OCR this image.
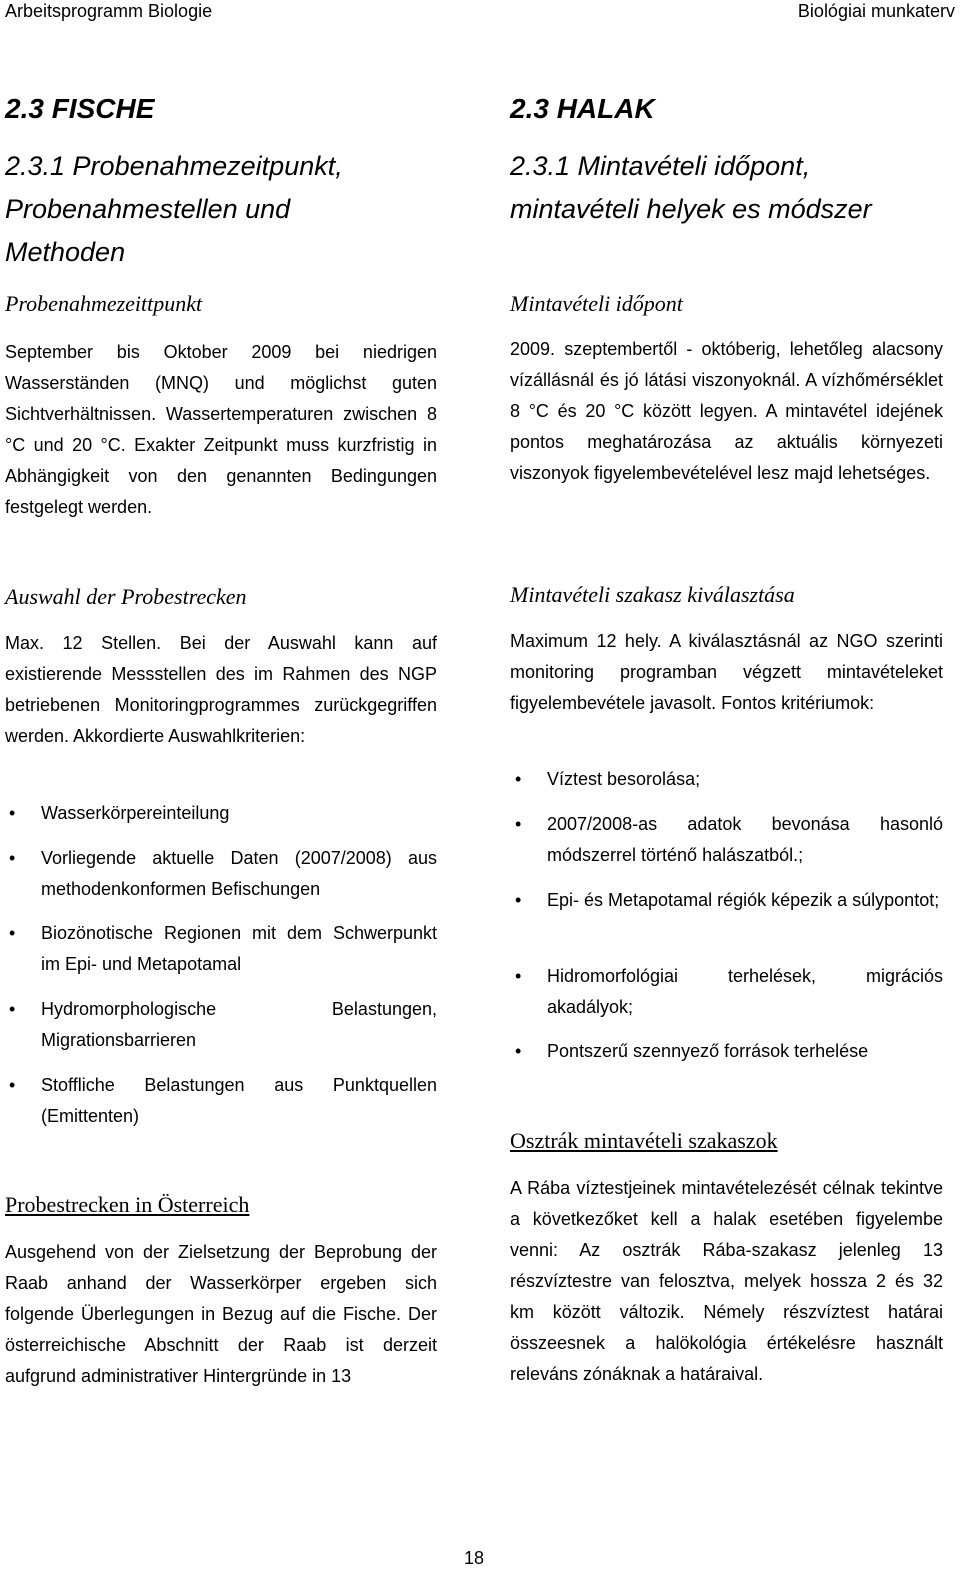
Arbeitsprogramm Biologie	Biológiai munkaterv
2.3 FISCHE
2.3.1 Probenahmezeitpunkt,
Probenahmestellen und
Methoden
Probenahmezeittpunkt
September bis Oktober 2009 bei niedrigen Wasserständen (MNQ) und möglichst guten Sichtverhältnissen. Wassertemperaturen zwischen 8 °C und 20 °C. Exakter Zeitpunkt muss kurzfristig in Abhängigkeit von den genannten Bedingungen festgelegt werden.
Auswahl der Probestrecken
Max. 12 Stellen. Bei der Auswahl kann auf existierende Messstellen des im Rahmen des NGP betriebenen Monitoringprogrammes zurückgegriffen werden. Akkordierte Auswahlkriterien:
• Wasserkörpereinteilung
• Vorliegende aktuelle Daten (2007/2008) aus methodenkonformen Befischungen
• Biozönotische Regionen mit dem Schwerpunkt im Epi- und Metapotamal
• Hydromorphologische Belastungen, Migrationsbarrieren
• Stoffliche Belastungen aus Punktquellen (Emittenten)
Probestrecken in Österreich
Ausgehend von der Zielsetzung der Beprobung der Raab anhand der Wasserkörper ergeben sich folgende Überlegungen in Bezug auf die Fische. Der österreichische Abschnitt der Raab ist derzeit aufgrund administrativer Hintergründe in 13
2.3 HALAK
2.3.1 Mintavételi időpont,
mintavételi helyek es módszer
Mintavételi időpont
2009. szeptembertől - októberig, lehetőleg alacsony vízállásnál és jó látási viszonyoknál. A vízhőmérséklet 8 °C és 20 °C között legyen. A mintavétel idejének pontos meghatározása az aktuális környezeti viszonyok figyelembevételével lesz majd lehetséges.
Mintavételi szakasz kiválasztása
Maximum 12 hely. A kiválasztásnál az NGO szerinti monitoring programban végzett mintavételeket figyelembevétele javasolt. Fontos kritériumok:
• Víztest besorolása;
• 2007/2008-as adatok bevonása hasonló módszerrel történő halászatból.;
• Epi- és Metapotamal régiók képezik a súlypontot;
• Hidromorfológiai terhelések, migrációs akadályok;
• Pontszerű szennyező források terhelése
Osztrák mintavételi szakaszok
A Rába víztestjeinek mintavételezését célnak tekintve a következőket kell a halak esetében figyelembe venni: Az osztrák Rába-szakasz jelenleg 13 részvíztestre van felosztva, melyek hossza 2 és 32 km között változik. Némely részvíztest határai összeesnek a halökológia értékelésre használt releváns zónáknak a határaival.
18
